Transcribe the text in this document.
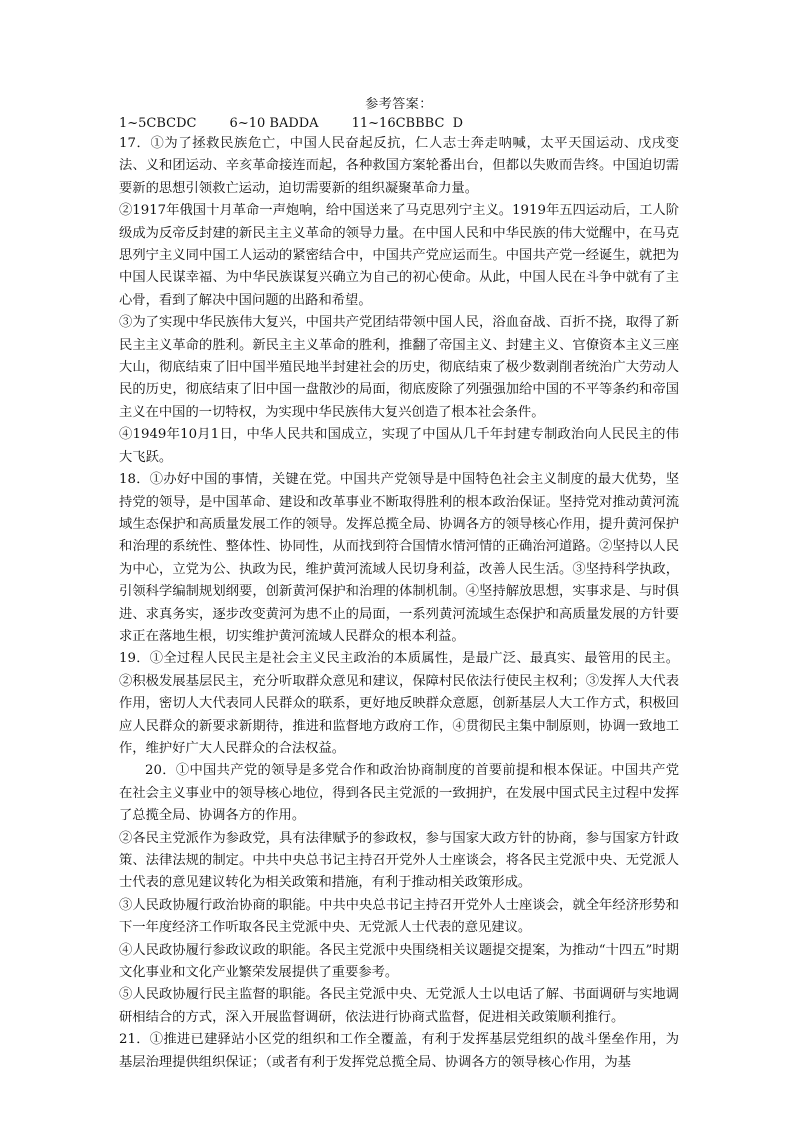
参考答案：
1~5CBCDC        6~10 BADDA        11~16CBBBC  D

17．①为了拯救民族危亡，中国人民奋起反抗，仁人志士奔走呐喊，太平天国运动、戊戌变法、义和团运动、辛亥革命接连而起，各种救国方案轮番出台，但都以失败而告终。中国迫切需要新的思想引领救亡运动，迫切需要新的组织凝聚革命力量。

②1917年俄国十月革命一声炮响，给中国送来了马克思列宁主义。1919年五四运动后，工人阶级成为反帝反封建的新民主主义革命的领导力量。在中国人民和中华民族的伟大觉醒中，在马克思列宁主义同中国工人运动的紧密结合中，中国共产党应运而生。中国共产党一经诞生，就把为中国人民谋幸福、为中华民族谋复兴确立为自己的初心使命。从此，中国人民在斗争中就有了主心骨，看到了解决中国问题的出路和希望。

③为了实现中华民族伟大复兴，中国共产党团结带领中国人民，浴血奋战、百折不挠，取得了新民主主义革命的胜利。新民主主义革命的胜利，推翻了帝国主义、封建主义、官僚资本主义三座大山，彻底结束了旧中国半殖民地半封建社会的历史，彻底结束了极少数剥削者统治广大劳动人民的历史，彻底结束了旧中国一盘散沙的局面，彻底废除了列强强加给中国的不平等条约和帝国主义在中国的一切特权，为实现中华民族伟大复兴创造了根本社会条件。

④1949年10月1日，中华人民共和国成立，实现了中国从几千年封建专制政治向人民民主的伟大飞跃。

18．①办好中国的事情，关键在党。中国共产党领导是中国特色社会主义制度的最大优势，坚持党的领导，是中国革命、建设和改革事业不断取得胜利的根本政治保证。坚持党对推动黄河流域生态保护和高质量发展工作的领导。发挥总揽全局、协调各方的领导核心作用，提升黄河保护和治理的系统性、整体性、协同性，从而找到符合国情水情河情的正确治河道路。②坚持以人民为中心，立党为公、执政为民，维护黄河流域人民切身利益，改善人民生活。③坚持科学执政，引领科学编制规划纲要，创新黄河保护和治理的体制机制。④坚持解放思想，实事求是、与时俱进、求真务实，逐步改变黄河为患不止的局面，一系列黄河流域生态保护和高质量发展的方针要求正在落地生根，切实维护黄河流域人民群众的根本利益。

19．①全过程人民民主是社会主义民主政治的本质属性，是最广泛、最真实、最管用的民主。②积极发展基层民主，充分听取群众意见和建议，保障村民依法行使民主权利；③发挥人大代表作用，密切人大代表同人民群众的联系，更好地反映群众意愿，创新基层人大工作方式，积极回应人民群众的新要求新期待，推进和监督地方政府工作，④贯彻民主集中制原则，协调一致地工作，维护好广大人民群众的合法权益。

20．①中国共产党的领导是多党合作和政治协商制度的首要前提和根本保证。中国共产党在社会主义事业中的领导核心地位，得到各民主党派的一致拥护，在发展中国式民主过程中发挥了总揽全局、协调各方的作用。

②各民主党派作为参政党，具有法律赋予的参政权，参与国家大政方针的协商，参与国家方针政策、法律法规的制定。中共中央总书记主持召开党外人士座谈会，将各民主党派中央、无党派人士代表的意见建议转化为相关政策和措施，有利于推动相关政策形成。

③人民政协履行政治协商的职能。中共中央总书记主持召开党外人士座谈会，就全年经济形势和下一年度经济工作听取各民主党派中央、无党派人士代表的意见建议。

④人民政协履行参政议政的职能。各民主党派中央围绕相关议题提交提案，为推动“十四五”时期文化事业和文化产业繁荣发展提供了重要参考。

⑤人民政协履行民主监督的职能。各民主党派中央、无党派人士以电话了解、书面调研与实地调研相结合的方式，深入开展监督调研，依法进行协商式监督，促进相关政策顺利推行。

21．①推进已建驿站小区党的组织和工作全覆盖，有利于发挥基层党组织的战斗堡垒作用，为基层治理提供组织保证；（或者有利于发挥党总揽全局、协调各方的领导核心作用，为基
